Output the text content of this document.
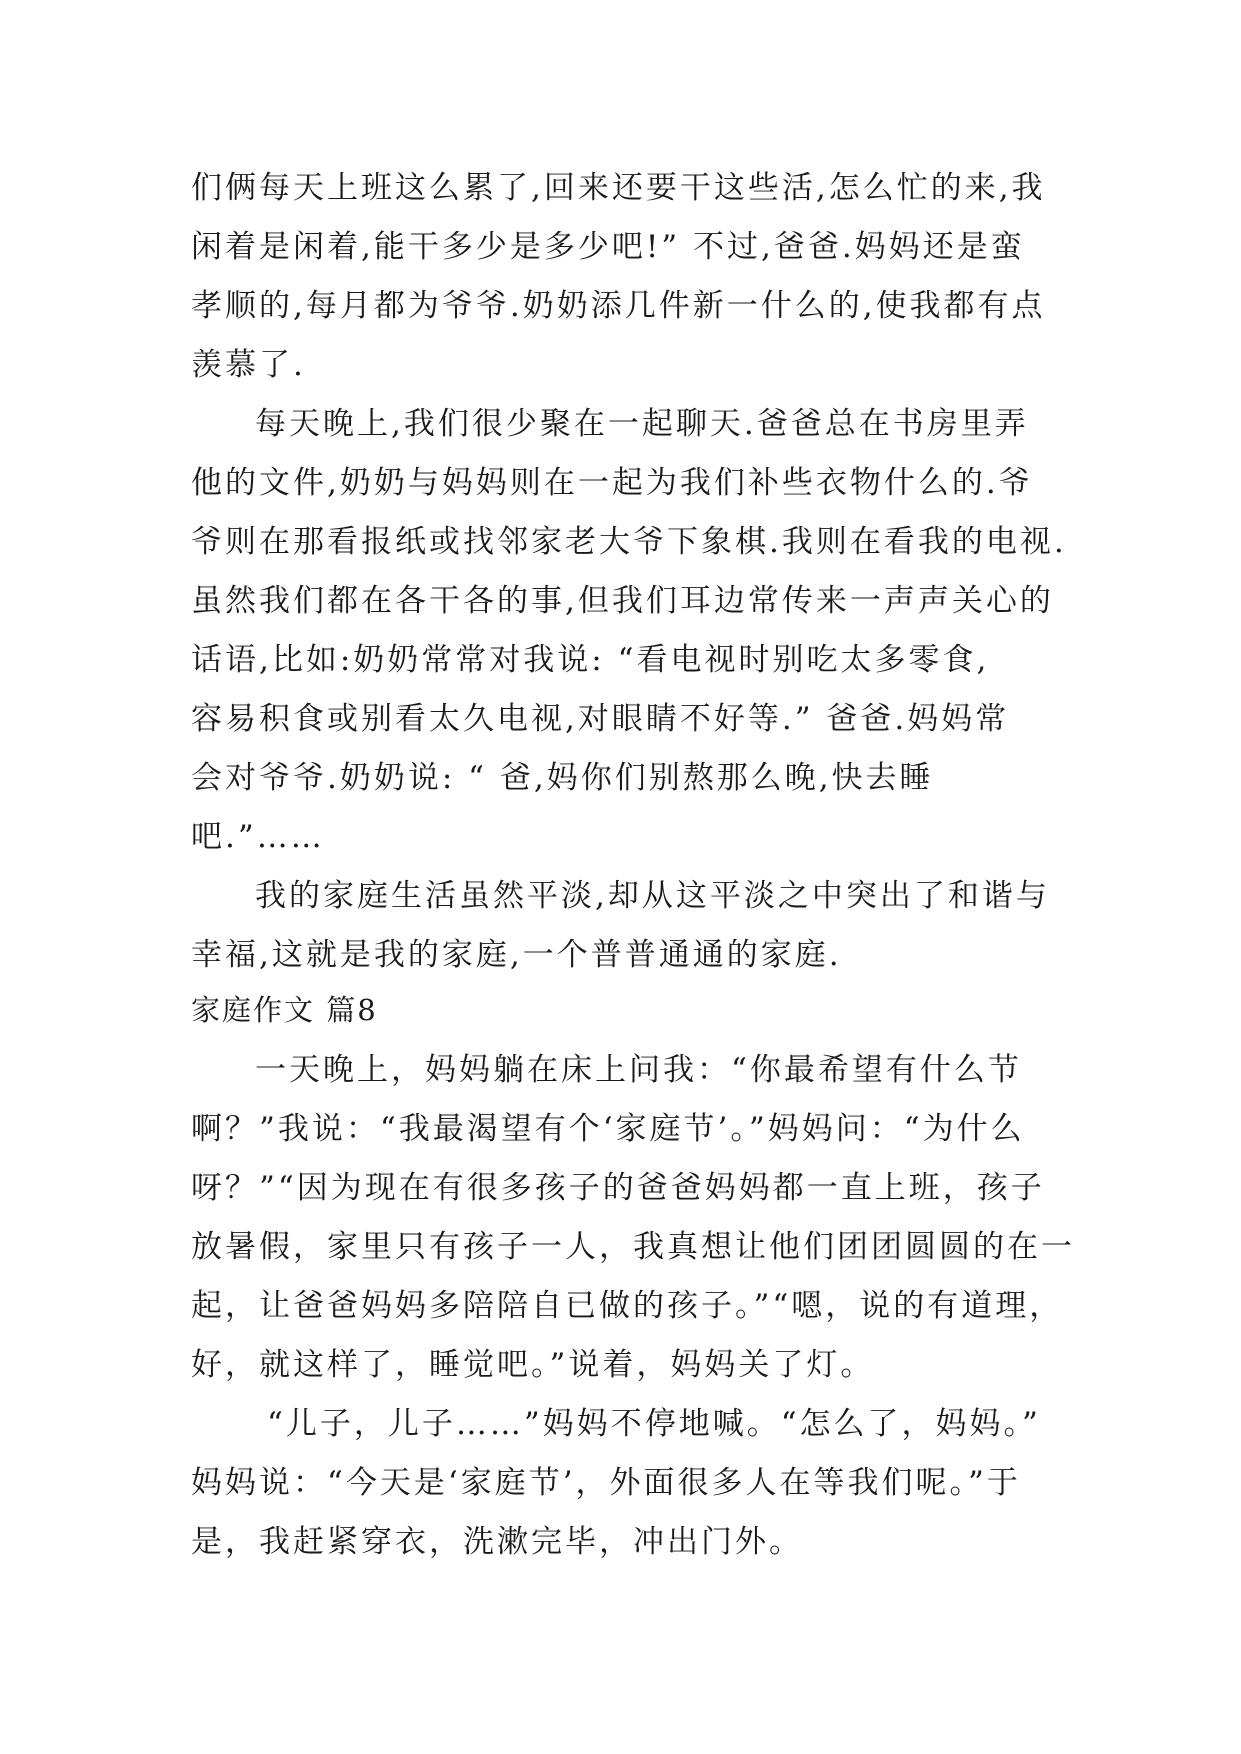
们俩每天上班这么累了,回来还要干这些活,怎么忙的来,我
闲着是闲着,能干多少是多少吧!” 不过,爸爸.妈妈还是蛮
孝顺的,每月都为爷爷.奶奶添几件新一什么的,使我都有点
羡慕了.
每天晚上,我们很少聚在一起聊天.爸爸总在书房里弄
他的文件,奶奶与妈妈则在一起为我们补些衣物什么的.爷
爷则在那看报纸或找邻家老大爷下象棋.我则在看我的电视.
虽然我们都在各干各的事,但我们耳边常传来一声声关心的
话语,比如:奶奶常常对我说: “看电视时别吃太多零食,
容易积食或别看太久电视,对眼睛不好等.” 爸爸.妈妈常
会对爷爷.奶奶说: “ 爸,妈你们别熬那么晚,快去睡
吧.”……
我的家庭生活虽然平淡,却从这平淡之中突出了和谐与
幸福,这就是我的家庭,一个普普通通的家庭.
家庭作文 篇8
一天晚上，妈妈躺在床上问我：“你最希望有什么节
啊？”我说：“我最渴望有个‘家庭节’。”妈妈问：“为什么
呀？”“因为现在有很多孩子的爸爸妈妈都一直上班，孩子
放暑假，家里只有孩子一人，我真想让他们团团圆圆的在一
起，让爸爸妈妈多陪陪自已做的孩子。”“嗯，说的有道理，
好，就这样了，睡觉吧。”说着，妈妈关了灯。
“儿子，儿子……”妈妈不停地喊。“怎么了，妈妈。”
妈妈说：“今天是‘家庭节’，外面很多人在等我们呢。”于
是，我赶紧穿衣，洗漱完毕，冲出门外。
